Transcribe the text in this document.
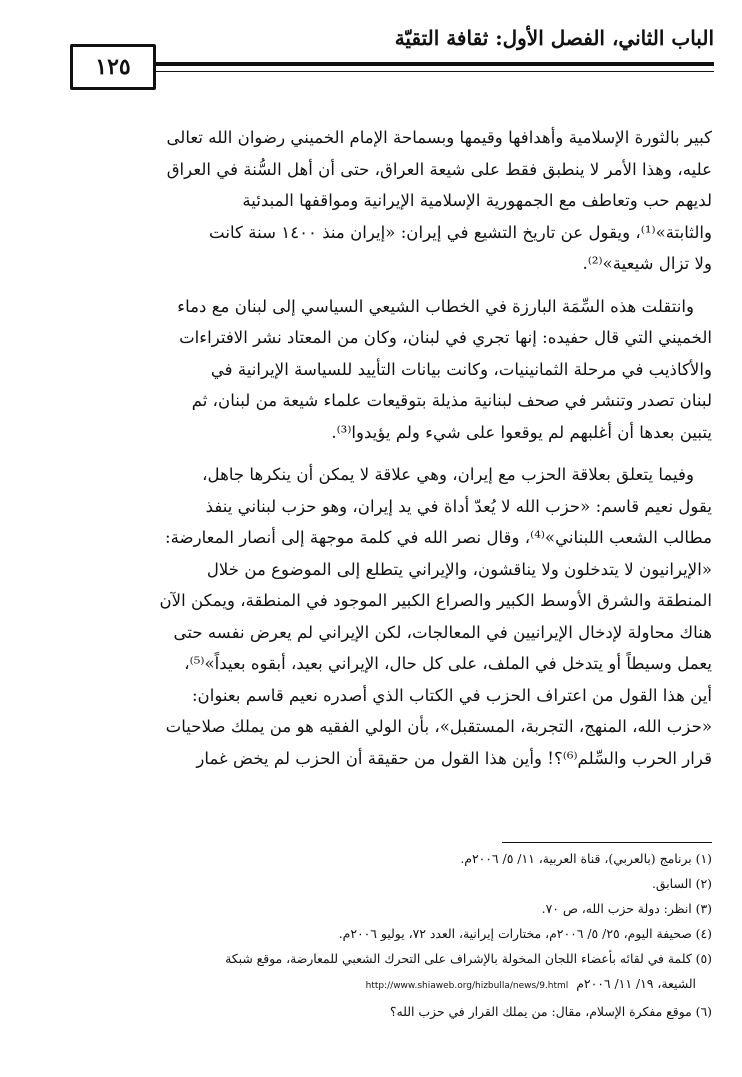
الباب الثاني، الفصل الأول: ثقافة التقيّة
١٢٥

كبير بالثورة الإسلامية وأهدافها وقيمها وبسماحة الإمام الخميني رضوان الله تعالى

عليه، وهذا الأمر لا ينطبق فقط على شيعة العراق، حتى أن أهل السُّنة في العراق

لديهم حب وتعاطف مع الجمهورية الإسلامية الإيرانية ومواقفها المبدئية

والثابتة»⁽¹⁾، ويقول عن تاريخ التشيع في إيران: «إيران منذ ١٤٠٠ سنة كانت

ولا تزال شيعية»⁽²⁾.

وانتقلت هذه السِّمَة البارزة في الخطاب الشيعي السياسي إلى لبنان مع دماء

الخميني التي قال حفيده: إنها تجري في لبنان، وكان من المعتاد نشر الافتراءات

والأكاذيب في مرحلة الثمانينيات، وكانت بيانات التأييد للسياسة الإيرانية في

لبنان تصدر وتنشر في صحف لبنانية مذيلة بتوقيعات علماء شيعة من لبنان، ثم

يتبين بعدها أن أغلبهم لم يوقعوا على شيء ولم يؤيدوا⁽³⁾.

وفيما يتعلق بعلاقة الحزب مع إيران، وهي علاقة لا يمكن أن ينكرها جاهل،

يقول نعيم قاسم: «حزب الله لا يُعدّ أداة في يد إيران، وهو حزب لبناني ينفذ

مطالب الشعب اللبناني»⁽⁴⁾، وقال نصر الله في كلمة موجهة إلى أنصار المعارضة:

«الإيرانيون لا يتدخلون ولا يناقشون، والإيراني يتطلع إلى الموضوع من خلال

المنطقة والشرق الأوسط الكبير والصراع الكبير الموجود في المنطقة، ويمكن الآن

هناك محاولة لإدخال الإيرانيين في المعالجات، لكن الإيراني لم يعرض نفسه حتى

يعمل وسيطاً أو يتدخل في الملف، على كل حال، الإيراني بعيد، أبقوه بعيداً»⁽⁵⁾،

أين هذا القول من اعتراف الحزب في الكتاب الذي أصدره نعيم قاسم بعنوان:

«حزب الله، المنهج، التجربة، المستقبل»، بأن الولي الفقيه هو من يملك صلاحيات

قرار الحرب والسِّلم⁽⁶⁾؟! وأين هذا القول من حقيقة أن الحزب لم يخض غمار

(١) برنامج (بالعربي)، قناة العربية، ١١/ ٥/ ٢٠٠٦م.
(٢) السابق.
(٣) انظر: دولة حزب الله، ص ٧٠.
(٤) صحيفة اليوم، ٢٥/ ٥/ ٢٠٠٦م، مختارات إيرانية، العدد ٧٢، يوليو ٢٠٠٦م.
(٥) كلمة في لقائه بأعضاء اللجان المخولة بالإشراف على التحرك الشعبي للمعارضة، موقع شبكة
الشيعة، ١٩/ ١١/ ٢٠٠٦م http://www.shiaweb.org/hizbulla/news/9.html
(٦) موقع مفكرة الإسلام، مقال: من يملك القرار في حزب الله؟
